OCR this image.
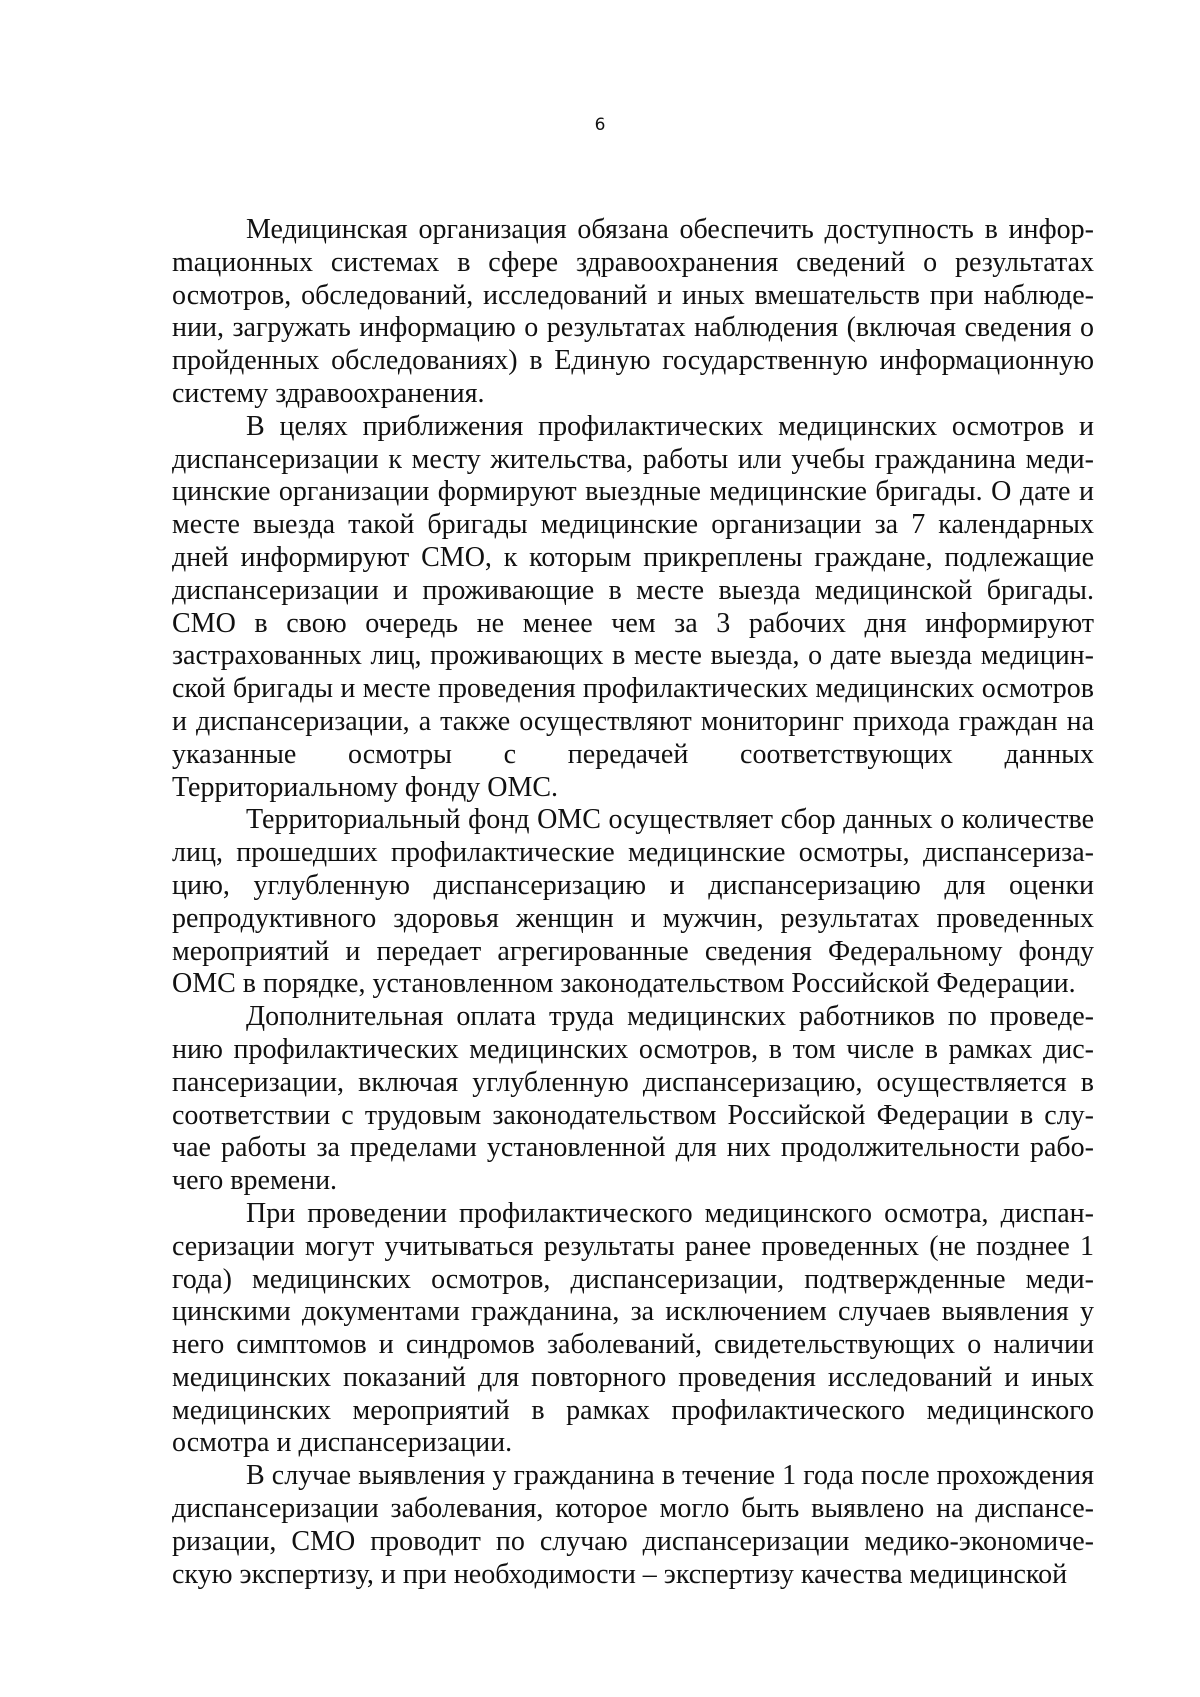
6

Медицинская организация обязана обеспечить доступность в инфорmационных системах в сфере здравоохранения сведений о результатах осмотров, обследований, исследований и иных вмешательств при наблюдении, загружать информацию о результатах наблюдения (включая сведения о пройденных обследованиях) в Единую государственную информационную систему здравоохранения.

В целях приближения профилактических медицинских осмотров и диспансеризации к месту жительства, работы или учебы гражданина медицинские организации формируют выездные медицинские бригады. О дате и месте выезда такой бригады медицинские организации за 7 календарных дней информируют СМО, к которым прикреплены граждане, подлежащие диспансеризации и проживающие в месте выезда медицинской бригады. СМО в свою очередь не менее чем за 3 рабочих дня информируют застрахованных лиц, проживающих в месте выезда, о дате выезда медицинской бригады и месте проведения профилактических медицинских осмотров и диспансеризации, а также осуществляют мониторинг прихода граждан на указанные осмотры с передачей соответствующих данных Территориальному фонду ОМС.

Территориальный фонд ОМС осуществляет сбор данных о количестве лиц, прошедших профилактические медицинские осмотры, диспансеризацию, углубленную диспансеризацию и диспансеризацию для оценки репродуктивного здоровья женщин и мужчин, результатах проведенных мероприятий и передает агрегированные сведения Федеральному фонду ОМС в порядке, установленном законодательством Российской Федерации.

Дополнительная оплата труда медицинских работников по проведению профилактических медицинских осмотров, в том числе в рамках диспансеризации, включая углубленную диспансеризацию, осуществляется в соответствии с трудовым законодательством Российской Федерации в случае работы за пределами установленной для них продолжительности рабочего времени.

При проведении профилактического медицинского осмотра, диспансеризации могут учитываться результаты ранее проведенных (не позднее 1 года) медицинских осмотров, диспансеризации, подтвержденные медицинскими документами гражданина, за исключением случаев выявления у него симптомов и синдромов заболеваний, свидетельствующих о наличии медицинских показаний для повторного проведения исследований и иных медицинских мероприятий в рамках профилактического медицинского осмотра и диспансеризации.

В случае выявления у гражданина в течение 1 года после прохождения диспансеризации заболевания, которое могло быть выявлено на диспансеризации, СМО проводит по случаю диспансеризации медико-экономическую экспертизу, и при необходимости – экспертизу качества медицинской
